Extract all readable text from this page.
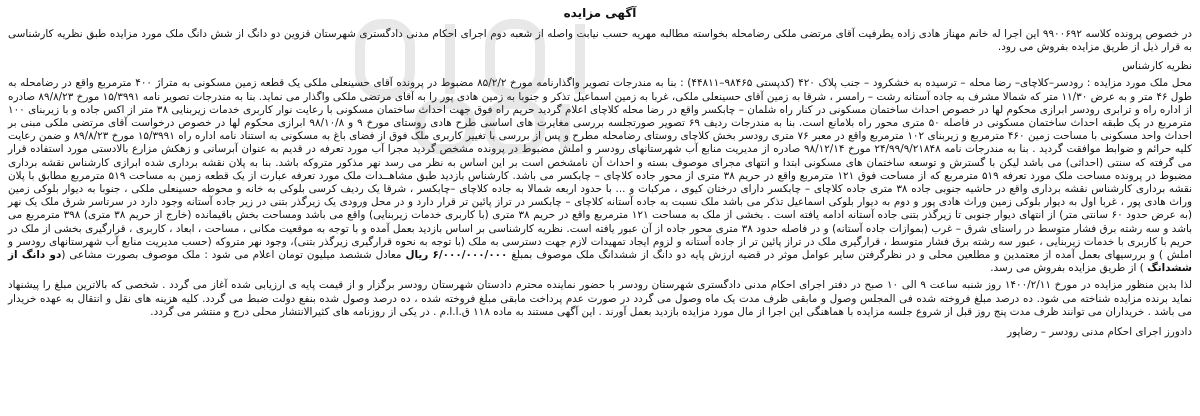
آگهی مزایده

در خصوص پرونده کلاسه ۹۹۰۰۶۹۲ این اجرا له خانم مهناز هادی زاده یطرفیت آقای مرتضی ملکی رضامحله بخواسته مطالبه مهریه حسب نیابت واصله از شعبه دوم اجرای احکام مدنی دادگستری شهرستان قزوین دو دانگ از شش دانگ ملک مورد مزایده طبق نظریه کارشناسی به قرار ذیل از طریق مزایده بفروش می رود.

نظریه کارشناس

محل ملک مورد مزایده : رودسر–کلاچای– رضا محله – ترسیده به خشکرود – جنب پلاک ۴۲۰ (کدپستی ۹۸۴۶۵–۴۴۸۱۱) : بنا به مندرجات تصویر واگذارنامه مورخ ۸۵/۲/۲ مضبوط در پرونده آقای حسینعلی ملکی یک قطعه زمین مسکونی به متراژ ۴۰۰ مترمربع واقع در رضامحله به طول ۴۶ متر و به عرض ۱۱/۳۰ متر که شمالا مشرف به جاده آستانه رشت – رامسر ، شرقا به زمین آقای حسینعلی ملکی، غربا به زمین اسماعیل تذکر و جنوبا به زمین هادی پور را به آقای مرتضی ملکی واگذار می نماید. بنا به مندرجات تصویر نامه ۱۵/۳۹۹۱ مورخ ۸۹/۸/۲۳ صادره از اداره راه و ترابری رودسر ابرازی محکوم لها در خصوص احداث ساختمان مسکونی در کنار راه شلمان – چابکسر واقع در رضا محله کلاچای اعلام گردید حریم راه فوق جهت احداث ساختمان مسکونی با رعایت نوار کاربری خدمات زیربنایی ۳۸ متر از اکس جاده و با زیربنای ۱۰۰ مترمربع در یک طبقه احداث ساختمان مسکونی در فاصله ۵۰ متری محور راه بلامانع است. بنا به مندرجات ردیف ۶۹ تصویر صورتجلسه بررسی مغایرت های اساسی طرح هادی روستای مورخ ۹ و ۹۸/۱۰/۸ ابرازی محکوم لها در خصوص درخواست آقای مرتضی ملکی مبنی بر احداث واحد مسکونی با مساحت زمین ۴۶۰ مترمربع و زیربنای ۱۰۲ مترمربع واقع در معبر ۷۶ متری رودسر بخش کلاچای روستای رضامحله مطرح و پس از بررسی با تغییر کاربری ملک فوق از فضای باغ به مسکونی به استناد نامه اداره راه ۱۵/۳۹۹۱ مورخ ۸۹/۸/۲۳ و ضمن رعایت کلیه حرائم و ضوابط موافقت گردید . بنا به مندرجات نامه ۲۴/۹۹/۹/۲۱۸۴۸ مورخ ۹۸/۱۲/۱۴ صادره از مدیریت منابع آب شهرستانهای رودسر و املش مضبوط در پرونده مشخص گردید مجرا آب مورد تعرفه در قدیم به عنوان آبرسانی و زهکش مزارع بالادستی مورد استفاده قرار می گرفته که سنتی (احداثی) می باشد لیکن با گسترش و توسعه ساختمان های مسکونی ابتدا و انتهای مجرای موصوف بسته و احداث آن نامشخص است بر این اساس به نظر می رسد نهر مذکور متروکه باشد. بنا به پلان نقشه برداری شده ابرازی کارشناس نقشه برداری مضبوط در پرونده مساحت ملک مورد تعرفه ۵۱۹ مترمربع که از مساحت فوق ۱۲۱ مترمربع واقع در حریم ۳۸ متری از محور جاده کلاچای – چابکسر می باشد. کارشناس بازدید طبق مشاهــدات ملک مورد تعرفه عبارت از یک قطعه زمین به مساحت ۵۱۹ مترمربع مطابق با پلان نقشه برداری کارشناس نقشه برداری واقع در حاشیه جنوبی جاده ۳۸ متری جاده کلاچای – چابکسر دارای درختان کیوی ، مرکبات و ... با حدود اربعه شمالا به جاده کلاچای –چابکسر ، شرقا یک ردیف کرسی بلوکی به خانه و محوطه حسینعلی ملکی ، جنوبا به دیوار بلوکی زمین وراث هادی پور ، غربا اول به دیوار بلوکی زمین وراث هادی پور و دوم به دیوار بلوکی اسماعیل تذکر می باشد ملک نسبت به جاده آستانه کلاچای – چابکسر در تراز پائین تر قرار دارد و در محل ورودی یک زیرگذر بتنی در زیر جاده آستانه وجود دارد در سرتاسر شرق ملک یک نهر (به عرض حدود ۶۰ سانتی متر) از انتهای دیوار جنوبی تا زیرگذر بتنی جاده آستانه ادامه یافته است . بخشی از ملک به مساحت ۱۲۱ مترمربع واقع در حریم ۳۸ متری (با کاربری خدمات زیربنایی) واقع می باشد ومساحت بخش باقیمانده (خارج از حریم ۳۸ متری) ۳۹۸ مترمربع می باشد و سه رشته برق فشار متوسط در راستای شرق – غرب (بموازات جاده آستانه) و در فاصله حدود ۳۸ متری محور جاده از آن عبور یافته است. نظریه کارشناسی بر اساس بازدید بعمل آمده و با توجه به موقعیت مکانی ، مساحت ، ابعاد ، کاربری ، قرارگیری بخشی از ملک در حریم با کاربری با خدمات زیربنایی ، عبور سه رشته برق فشار متوسط ، قرارگیری ملک در تراز پائین تر از جاده آستانه و لزوم ایجاد تمهیدات لازم جهت دسترسی به ملک (با توجه به نحوه قرارگیری زیرگذر بتنی)، وجود نهر متروکه (حسب مدیریت منابع آب شهرستانهای رودسر و املش ) و بررسیهای بعمل آمده از معتمدین و مطلعین محلی و در نظرگرفتن سایر عوامل موثر در قضیه ارزش پایه دو دانگ از ششدانگ ملک موصوف بمبلغ ۶/۰۰۰/۰۰۰/۰۰۰ ریال معادل ششصد میلیون تومان اعلام می شود : ملک موصوف بصورت مشاعی (دو دانگ از ششدانگ ) از طریق مزایده بفروش می رسد.

لذا بدین منظور مزایده در مورخ ۱۴۰۰/۲/۱۱ روز شنبه ساعت ۹ الی ۱۰ صبح در دفتر اجرای احکام مدنی دادگستری شهرستان رودسر با حضور نماینده محترم دادستان شهرستان رودسر برگزار و از قیمت پایه ی ارزیابی شده آغاز می گردد . شخصی که بالاترین مبلغ را پیشنهاد نماید برنده مزایده شناخته می شود. ده درصد مبلغ فروخته شده فی المجلس وصول و مابقی ظرف مدت یک ماه وصول می گردد در صورت عدم پرداخت مابقی مبلغ فروخته شده ، ده درصد وصول شده بنفع دولت ضبط می گردد. کلیه هزینه های نقل و انتقال به عهده خریدار می باشد . خریداران می توانند ظرف مدت پنج روز قبل از شروع جلسه مزایده با هماهنگی این اجرا از مال مورد مزایده بازدید بعمل آورند . این آگهی مستند به ماده ۱۱۸ ق.ا.ا.م . در یکی از روزنامه های کثیرالانتشار محلی درج و منتشر می گردد.

دادورز اجرای احکام مدنی رودسر – رضاپور
